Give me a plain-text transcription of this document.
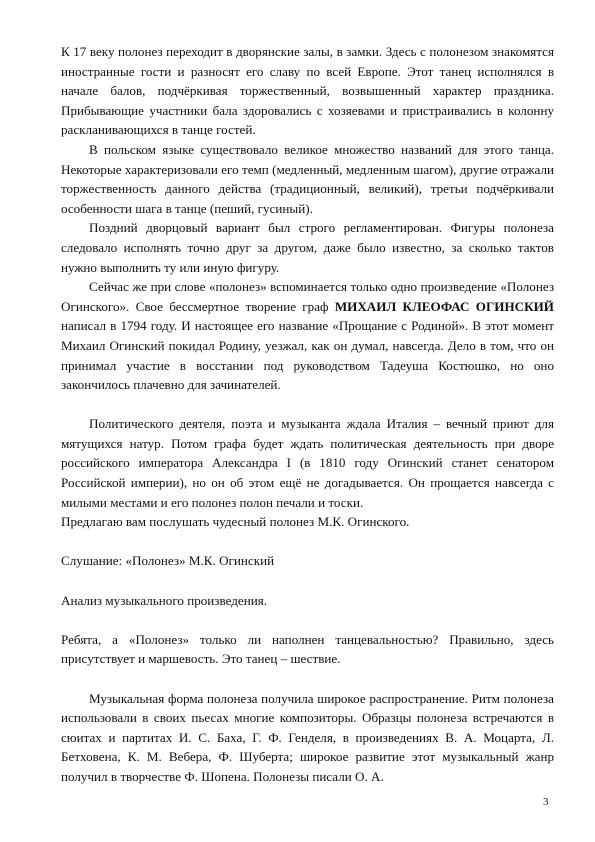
К 17 веку полонез переходит в дворянские залы, в замки. Здесь с полонезом знакомятся иностранные гости и разносят его славу по всей Европе. Этот танец исполнялся в начале балов, подчёркивая торжественный, возвышенный характер праздника. Прибывающие участники бала здоровались с хозяевами и пристраивались в колонну раскланивающихся в танце гостей.

В польском языке существовало великое множество названий для этого танца. Некоторые характеризовали его темп (медленный, медленным шагом), другие отражали торжественность данного действа (традиционный, великий), третьи подчёркивали особенности шага в танце (пеший, гусиный).

Поздний дворцовый вариант был строго регламентирован. Фигуры полонеза следовало исполнять точно друг за другом, даже было известно, за сколько тактов нужно выполнить ту или иную фигуру.

Сейчас же при слове «полонез» вспоминается только одно произведение «Полонез Огинского». Свое бессмертное творение граф МИХАИЛ КЛЕОФАС ОГИНСКИЙ написал в 1794 году. И настоящее его название «Прощание с Родиной». В этот момент Михаил Огинский покидал Родину, уезжал, как он думал, навсегда. Дело в том, что он принимал участие в восстании под руководством Тадеуша Костюшко, но оно закончилось плачевно для зачинателей.

Политического деятеля, поэта и музыканта ждала Италия – вечный приют для мятущихся натур. Потом графа будет ждать политическая деятельность при дворе российского императора Александра I (в 1810 году Огинский станет сенатором Российской империи), но он об этом ещё не догадывается. Он прощается навсегда с милыми местами и его полонез полон печали и тоски.

Предлагаю вам послушать чудесный полонез М.К. Огинского.

Слушание: «Полонез» М.К. Огинский

Анализ музыкального произведения.

Ребята, а «Полонез» только ли наполнен танцевальностью? Правильно, здесь присутствует и маршевость. Это танец – шествие.

Музыкальная форма полонеза получила широкое распространение. Ритм полонеза использовали в своих пьесах многие композиторы. Образцы полонеза встречаются в сюитах и партитах И. С. Баха, Г. Ф. Генделя, в произведениях В. А. Моцарта, Л. Бетховена, К. М. Вебера, Ф. Шуберта; широкое развитие этот музыкальный жанр получил в творчестве Ф. Шопена. Полонезы писали О. А.

3
